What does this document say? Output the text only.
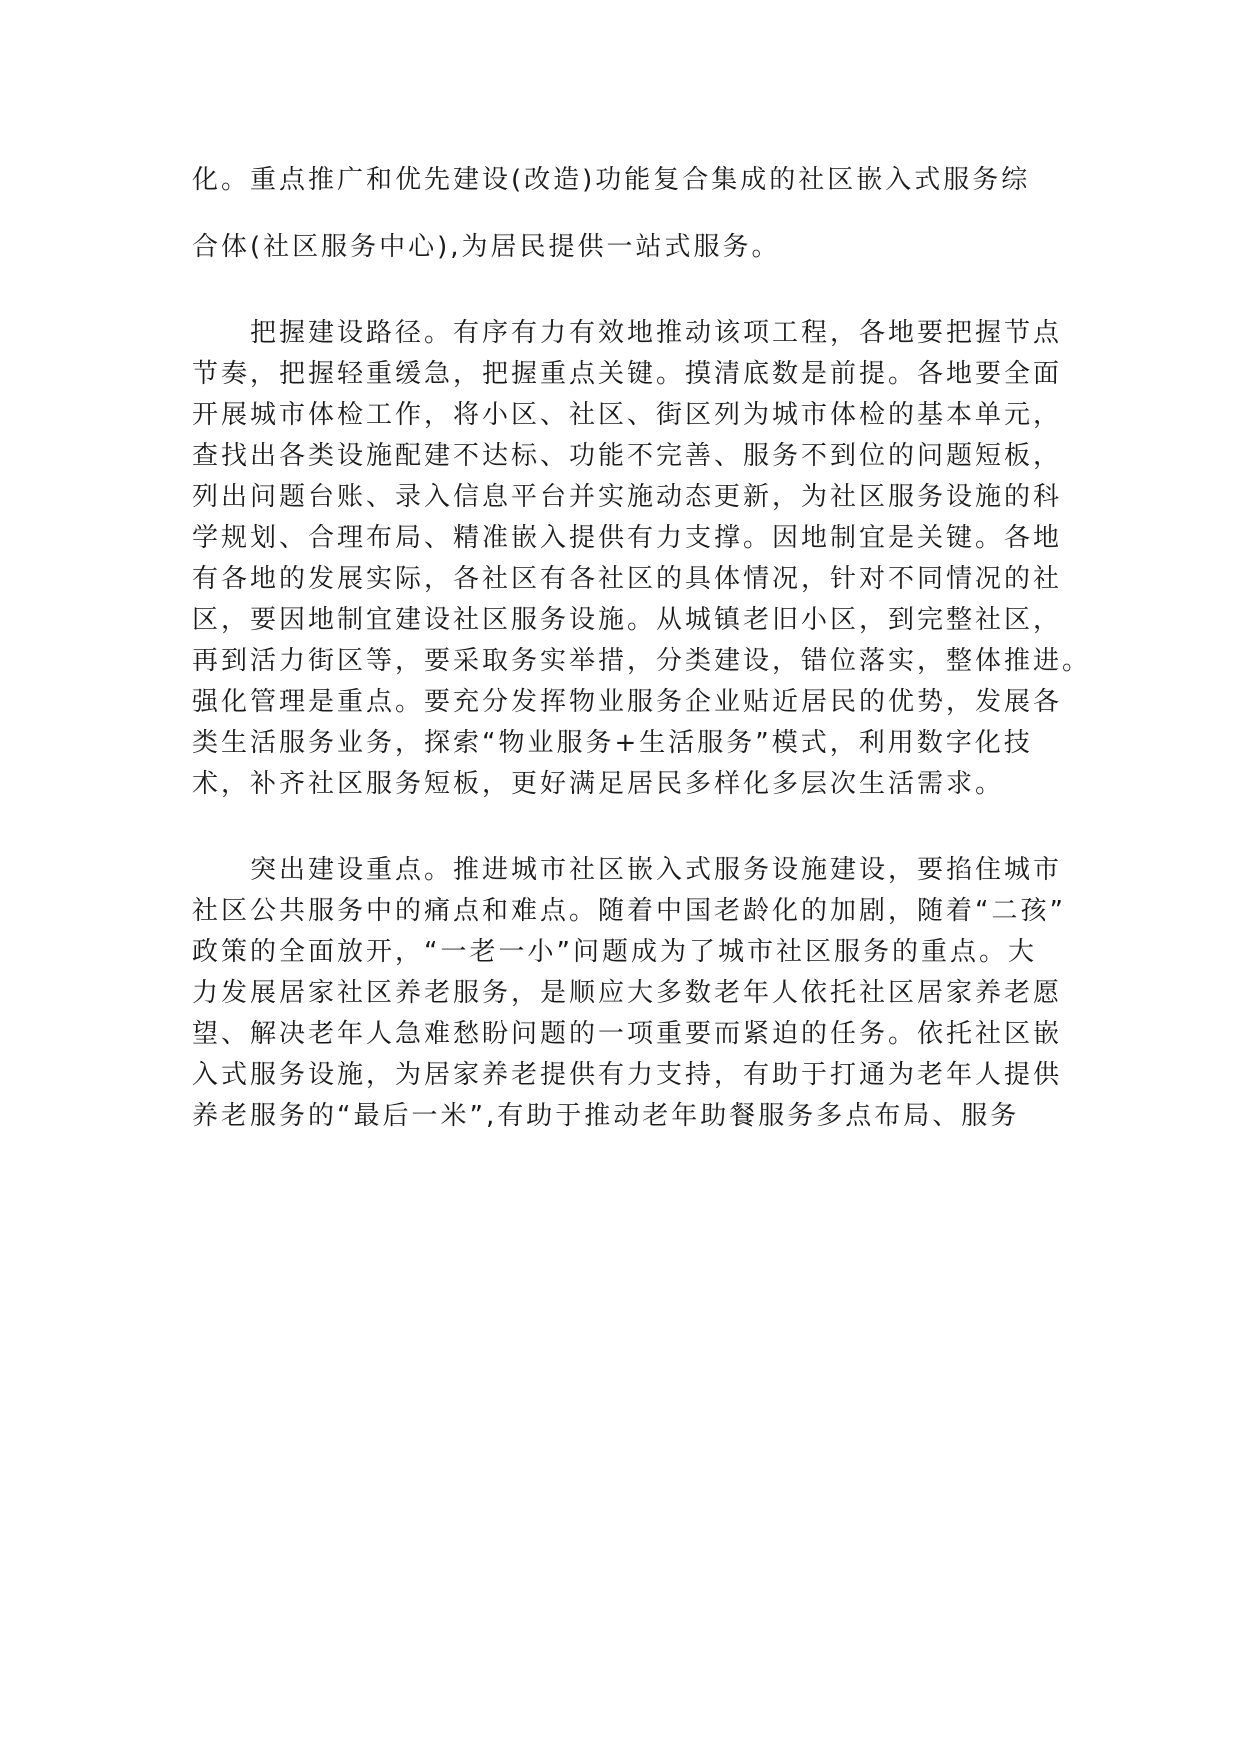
化。重点推广和优先建设(改造)功能复合集成的社区嵌入式服务综
合体(社区服务中心),为居民提供一站式服务。
　　把握建设路径。有序有力有效地推动该项工程，各地要把握节点
节奏，把握轻重缓急，把握重点关键。摸清底数是前提。各地要全面
开展城市体检工作，将小区、社区、街区列为城市体检的基本单元，
查找出各类设施配建不达标、功能不完善、服务不到位的问题短板，
列出问题台账、录入信息平台并实施动态更新，为社区服务设施的科
学规划、合理布局、精准嵌入提供有力支撑。因地制宜是关键。各地
有各地的发展实际，各社区有各社区的具体情况，针对不同情况的社
区，要因地制宜建设社区服务设施。从城镇老旧小区，到完整社区，
再到活力街区等，要采取务实举措，分类建设，错位落实，整体推进。
强化管理是重点。要充分发挥物业服务企业贴近居民的优势，发展各
类生活服务业务，探索“物业服务+生活服务”模式，利用数字化技
术，补齐社区服务短板，更好满足居民多样化多层次生活需求。
　　突出建设重点。推进城市社区嵌入式服务设施建设，要掐住城市
社区公共服务中的痛点和难点。随着中国老龄化的加剧，随着“二孩”
政策的全面放开，“一老一小”问题成为了城市社区服务的重点。大
力发展居家社区养老服务，是顺应大多数老年人依托社区居家养老愿
望、解决老年人急难愁盼问题的一项重要而紧迫的任务。依托社区嵌
入式服务设施，为居家养老提供有力支持，有助于打通为老年人提供
养老服务的“最后一米”,有助于推动老年助餐服务多点布局、服务
